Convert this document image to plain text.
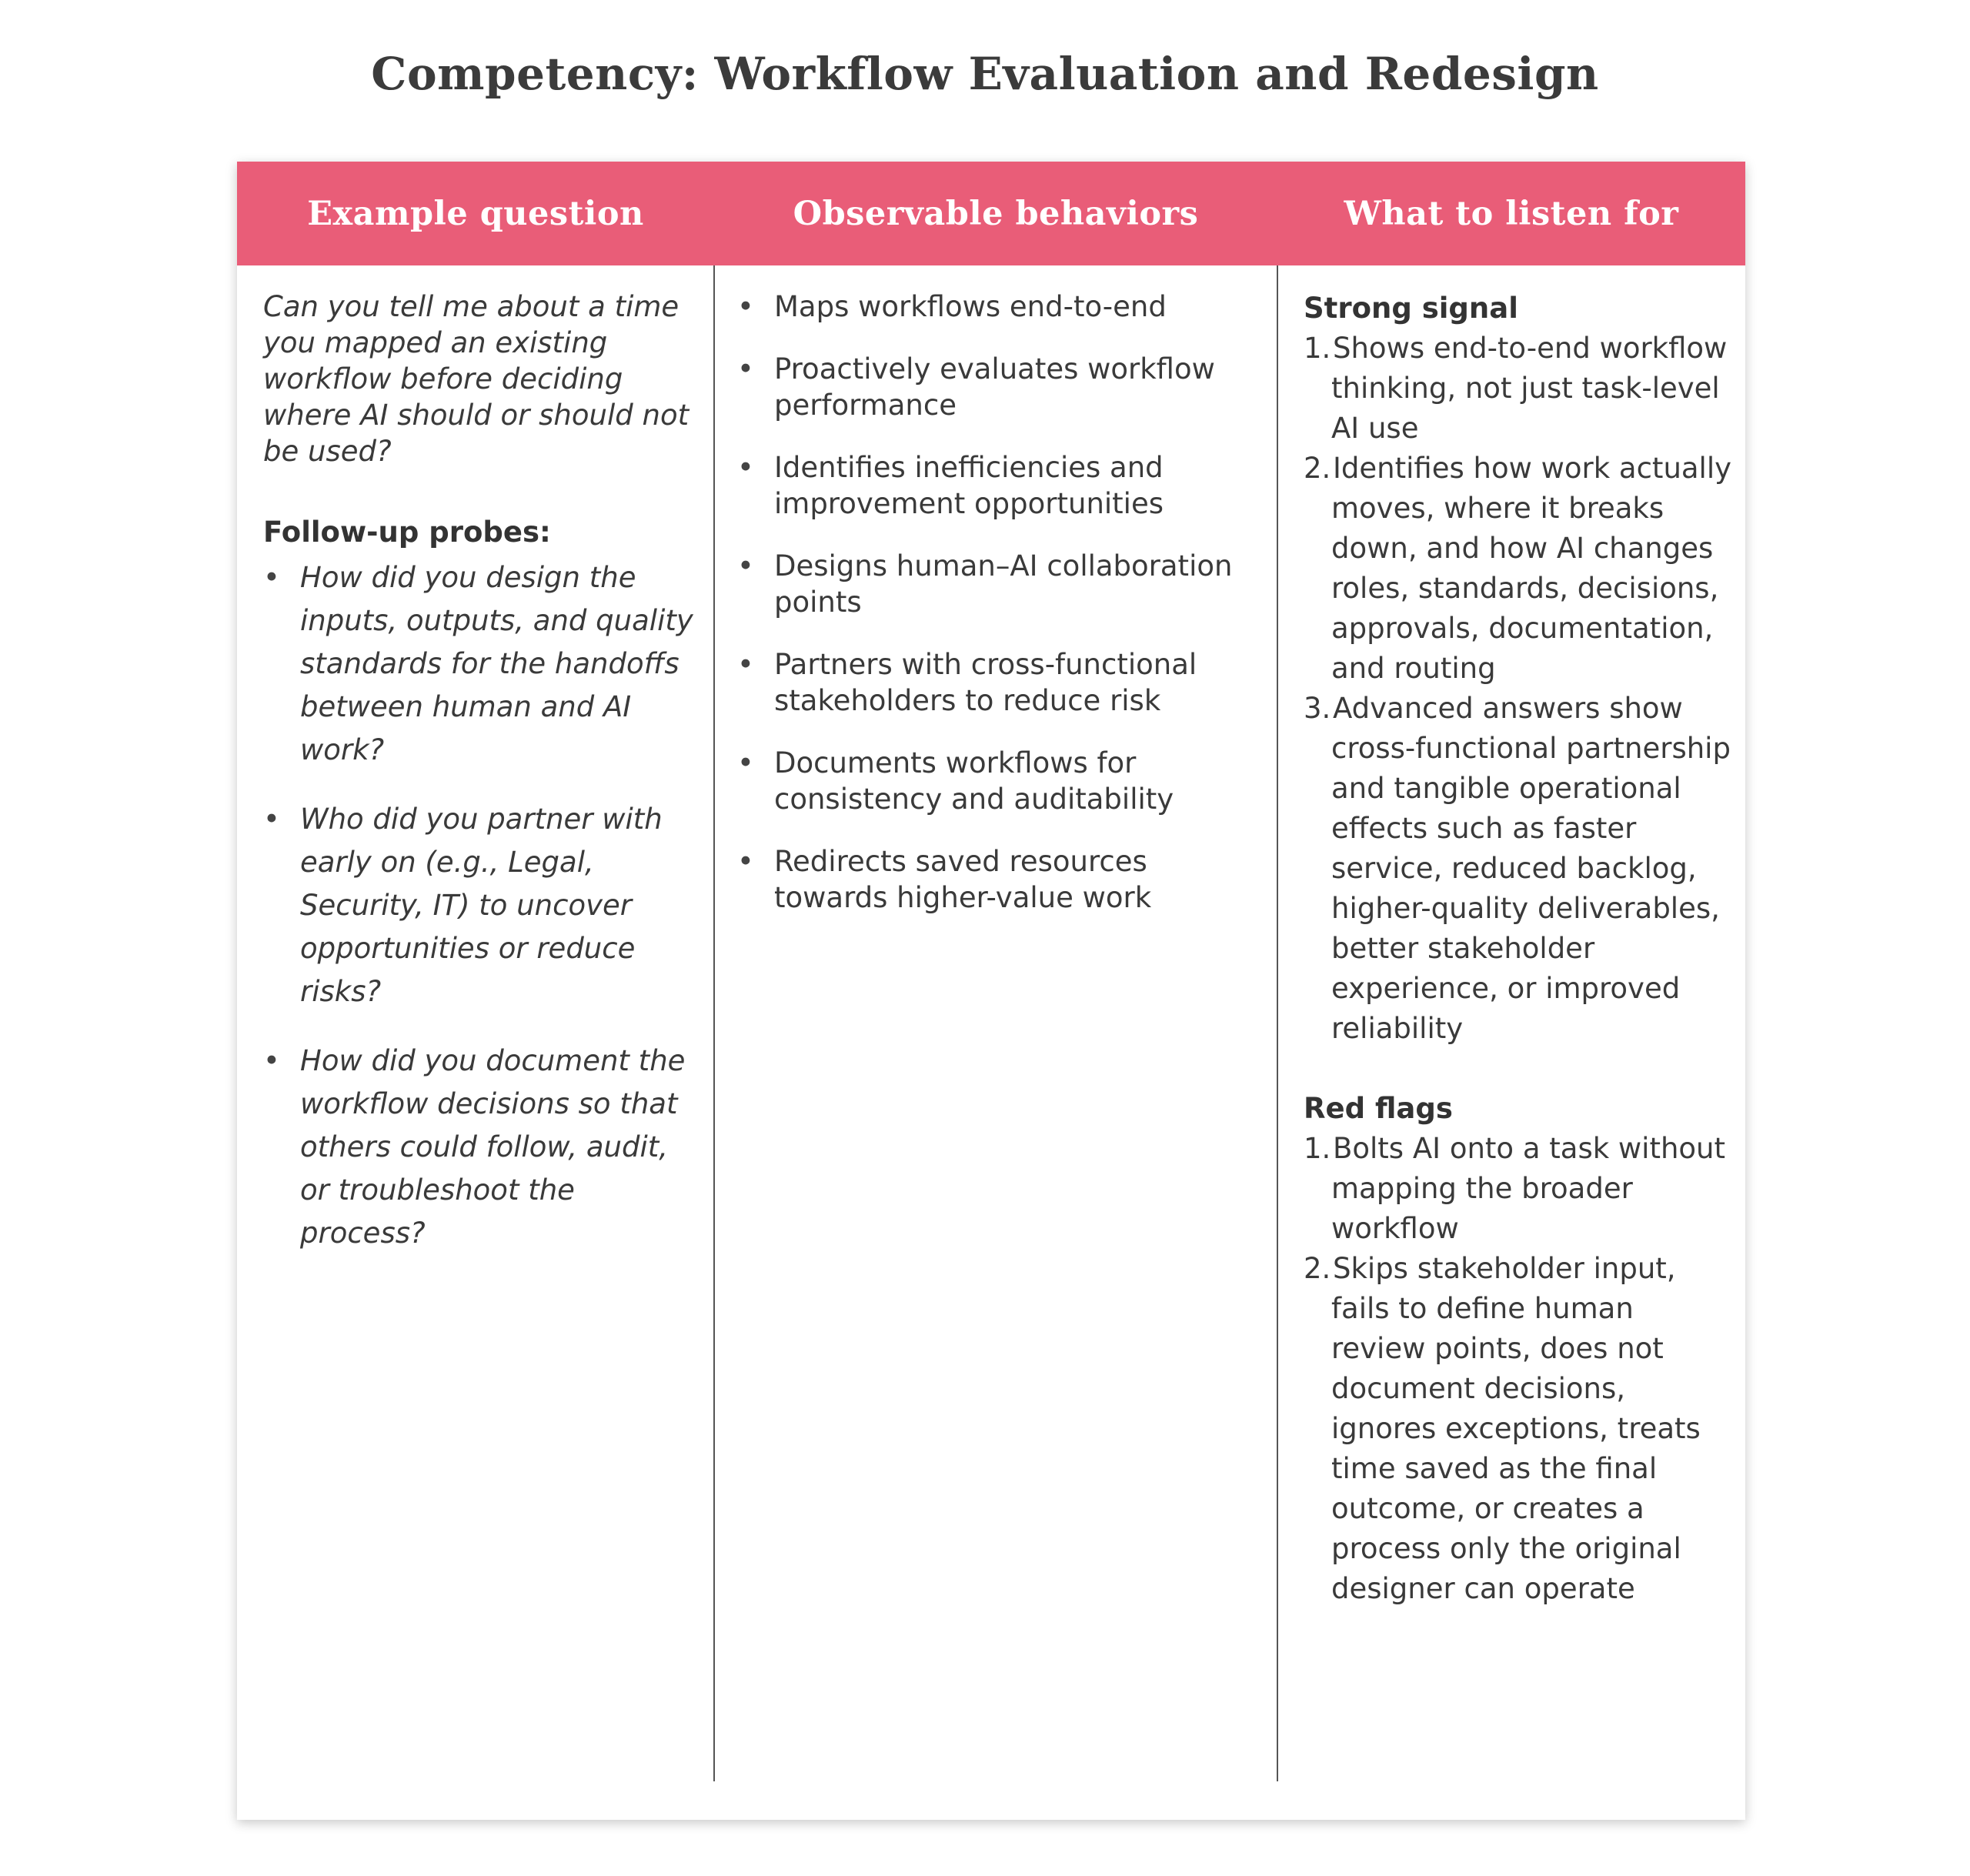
Competency: Workflow Evaluation and Redesign
Example question	Observable behaviors	What to listen for

Can you tell me about a time you mapped an existing workflow before deciding where AI should or should not be used?

Follow-up probes:

• How did you design the inputs, outputs, and quality standards for the handoffs between human and AI work?
• Who did you partner with early on (e.g., Legal, Security, IT) to uncover opportunities or reduce risks?
• How did you document the workflow decisions so that others could follow, audit, or troubleshoot the process?
• Maps workflows end-to-end
• Proactively evaluates workflow performance
• Identifies inefficiencies and improvement opportunities
• Designs human–AI collaboration points
• Partners with cross-functional stakeholders to reduce risk
• Documents workflows for consistency and auditability
• Redirects saved resources towards higher-value work

Strong signal

1. Shows end-to-end workflow thinking, not just task-level AI use
2. Identifies how work actually moves, where it breaks down, and how AI changes roles, standards, decisions, approvals, documentation, and routing
3. Advanced answers show cross-functional partnership and tangible operational effects such as faster service, reduced backlog, higher-quality deliverables, better stakeholder experience, or improved reliability

Red flags

1. Bolts AI onto a task without mapping the broader workflow
2. Skips stakeholder input, fails to define human review points, does not document decisions, ignores exceptions, treats time saved as the final outcome, or creates a process only the original designer can operate
